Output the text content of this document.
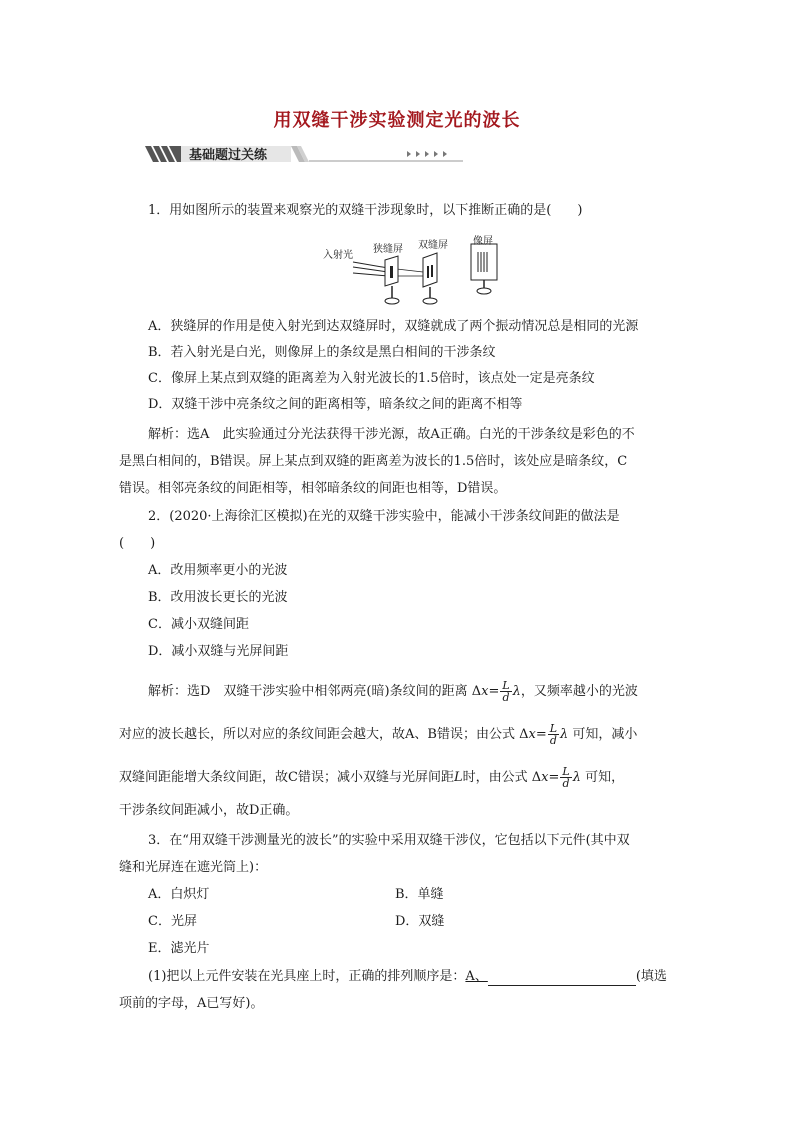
用双缝干涉实验测定光的波长
基础题过关练
1．用如图所示的装置来观察光的双缝干涉现象时，以下推断正确的是(　　)
入射光
狭缝屏 双缝屏	像屏
A．狭缝屏的作用是使入射光到达双缝屏时，双缝就成了两个振动情况总是相同的光源
B．若入射光是白光，则像屏上的条纹是黑白相间的干涉条纹
C．像屏上某点到双缝的距离差为入射光波长的1.5倍时，该点处一定是亮条纹
D．双缝干涉中亮条纹之间的距离相等，暗条纹之间的距离不相等
解析：选A　此实验通过分光法获得干涉光源，故A正确。白光的干涉条纹是彩色的不
是黑白相间的，B错误。屏上某点到双缝的距离差为波长的1.5倍时，该处应是暗条纹，C
错误。相邻亮条纹的间距相等，相邻暗条纹的间距也相等，D错误。
2．(2020·上海徐汇区模拟)在光的双缝干涉实验中，能减小干涉条纹间距的做法是
(　　)
A．改用频率更小的光波
B．改用波长更长的光波
C．减小双缝间距
D．减小双缝与光屏间距
解析：选D　双缝干涉实验中相邻两亮(暗)条纹间的距离 $\Delta x= \frac{L}{d}$ λ，又频率越小的光波
对应的波长越长，所以对应的条纹间距会越大，故A、B错误；由公式 $\Delta x= \frac{L}{d}$ λ 可知，减小
双缝间距能增大条纹间距，故C错误；减小双缝与光屏间距L时，由公式 $\Delta x= \frac{L}{d}$ λ 可知，
干涉条纹间距减小，故D正确。
3．在“用双缝干涉测量光的波长”的实验中采用双缝干涉仪，它包括以下元件(其中双
缝和光屏连在遮光筒上)：
A．白炽灯	B．单缝
C．光屏	D．双缝
E．滤光片
(1)把以上元件安装在光具座上时，正确的排列顺序是：A、	(填选
项前的字母，A已写好)。
